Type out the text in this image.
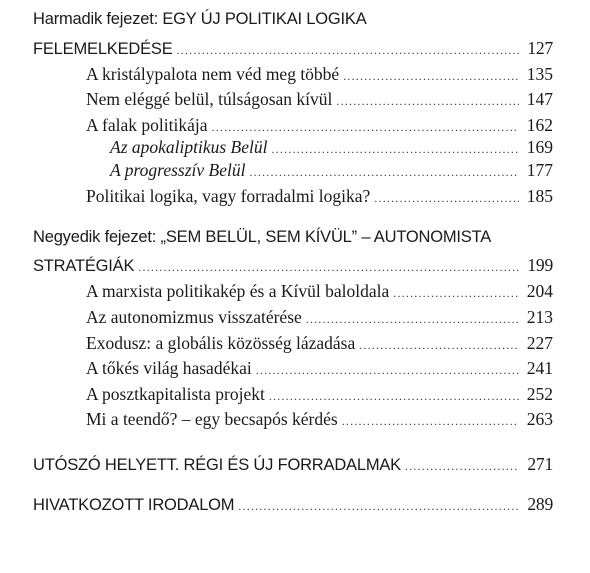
Harmadik fejezet: EGY ÚJ POLITIKAI LOGIKA
FELEMELKEDÉSE .....	127
A kristálypalota nem véd meg többé .....	135
Nem eléggé belül, túlságosan kívül .....	147
A falak politikája .....	162
Az apokaliptikus Belül .....	169
A progresszív Belül .....	177
Politikai logika, vagy forradalmi logika? .....	185
Negyedik fejezet: „SEM BELÜL, SEM KÍVÜL” – AUTONOMISTA
STRATÉGIÁK .....	199
A marxista politikakép és a Kívül baloldala .....	204
Az autonomizmus visszatérése .....	213
Exodusz: a globális közösség lázadása .....	227
A tőkés világ hasadékai .....	241
A posztkapitalista projekt .....	252
Mi a teendő? – egy becsapós kérdés .....	263
UTÓSZÓ HELYETT. RÉGI ÉS ÚJ FORRADALMAK .....	271
HIVATKOZOTT IRODALOM .....	289
